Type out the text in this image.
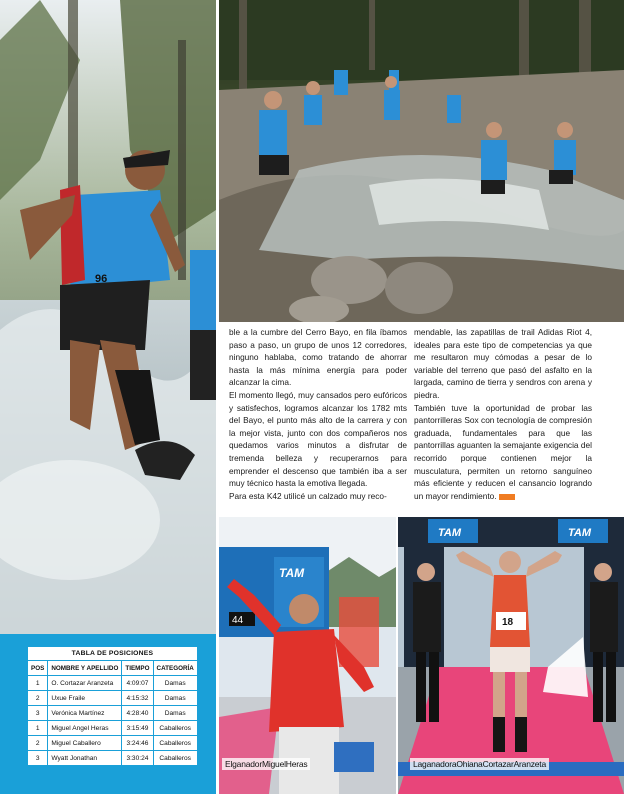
96
TABLA DE POSICIONES			
POS	NOMBRE Y APELLIDO	TIEMPO	CATEGORÍA
1	O. Cortazar Aranzeta	4:09:07	Damas
2	Uxue Fraile	4:15:32	Damas
3	Verónica Martínez	4:28:40	Damas
1	Miguel Angel Heras	3:15:49	Caballeros
2	Miguel Caballero	3:24:46	Caballeros
3	Wyatt Jonathan	3:30:24	Caballeros

ble a la cumbre del Cerro Bayo, en fila íbamos paso a paso, un grupo de unos 12 corredores, ninguno hablaba, como tratando de ahorrar hasta la más mínima energía para poder alcanzar la cima.

El momento llegó, muy cansados pero eufóricos y satisfechos, logramos alcanzar los 1782 mts del Bayo, el punto más alto de la carrera y con la mejor vista, junto con dos compañeros nos quedamos varios minutos a disfrutar de tremenda belleza y recuperarnos para emprender el descenso que también iba a ser muy técnico hasta la emotiva llegada.

Para esta K42 utilicé un calzado muy reco-

mendable, las zapatillas de trail Adidas Riot 4, ideales para este tipo de competencias ya que me resultaron muy cómodas a pesar de lo variable del terreno que pasó del asfalto en la largada, camino de tierra y sendros con arena y piedra.

También tuve la oportunidad de probar las pantorrilleras Sox con tecnología de compresión graduada, fundamentales para que las pantorrillas aguanten la semajante exigencia del recorrido porque contienen mejor la musculatura, permiten un retorno sanguíneo más eficiente y reducen el cansancio logrando un mayor rendimiento.

TAM
44
TAM	TAM
18
ElganadorMiguelHeras	LaganadoraOhianaCortazarAranzeta
